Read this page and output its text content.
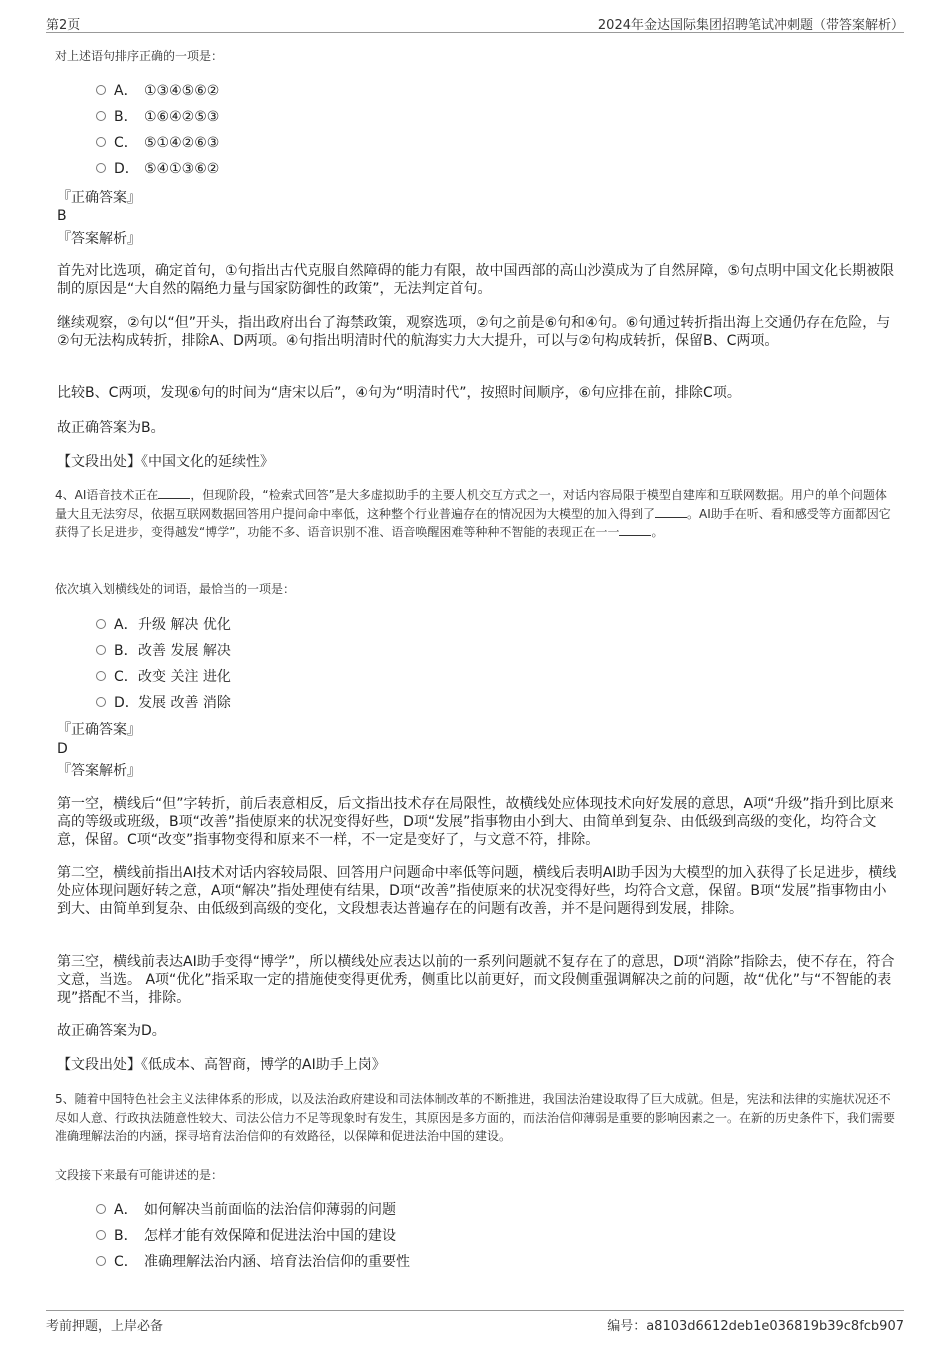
第2页	2024年金达国际集团招聘笔试冲刺题（带答案解析）
对上述语句排序正确的一项是：
A． ①③④⑤⑥②
B． ①⑥④②⑤③
C． ⑤①④②⑥③
D． ⑤④①③⑥②
『正确答案』
B
『答案解析』
首先对比选项，确定首句，①句指出古代克服自然障碍的能力有限，故中国西部的高山沙漠成为了自然屏障，⑤句点明中国文化长期被限制的原因是“大自然的隔绝力量与国家防御性的政策”，无法判定首句。
继续观察，②句以“但”开头，指出政府出台了海禁政策，观察选项，②句之前是⑥句和④句。⑥句通过转折指出海上交通仍存在危险，与②句无法构成转折，排除A、D两项。④句指出明清时代的航海实力大大提升，可以与②句构成转折，保留B、C两项。
比较B、C两项，发现⑥句的时间为“唐宋以后”，④句为“明清时代”，按照时间顺序，⑥句应排在前，排除C项。
故正确答案为B。
【文段出处】《中国文化的延续性》
4、AI语音技术正在	，但现阶段，“检索式回答”是大多虚拟助手的主要人机交互方式之一，对话内容局限于模型自建库和互联网数据。用户的单个问题体量大且无法穷尽，依据互联网数据回答用户提问命中率低，这种整个行业普遍存在的情况因为大模型的加入得到了	。AI助手在听、看和感受等方面都因它获得了长足进步，变得越发“博学”，功能不多、语音识别不准、语音唤醒困难等种种不智能的表现正在一一	。
依次填入划横线处的词语，最恰当的一项是：
A．升级 解决 优化
B．改善 发展 解决
C．改变 关注 进化
D．发展 改善 消除
『正确答案』
D
『答案解析』
第一空，横线后“但”字转折，前后表意相反，后文指出技术存在局限性，故横线处应体现技术向好发展的意思，A项“升级”指升到比原来高的等级或班级，B项“改善”指使原来的状况变得好些，D项“发展”指事物由小到大、由简单到复杂、由低级到高级的变化，均符合文意，保留。C项“改变”指事物变得和原来不一样，不一定是变好了，与文意不符，排除。
第二空，横线前指出AI技术对话内容较局限、回答用户问题命中率低等问题，横线后表明AI助手因为大模型的加入获得了长足进步，横线处应体现问题好转之意，A项“解决”指处理使有结果，D项“改善”指使原来的状况变得好些，均符合文意，保留。B项“发展”指事物由小到大、由简单到复杂、由低级到高级的变化，文段想表达普遍存在的问题有改善，并不是问题得到发展，排除。
第三空，横线前表达AI助手变得“博学”，所以横线处应表达以前的一系列问题就不复存在了的意思，D项“消除”指除去，使不存在，符合文意，当选。 A项“优化”指采取一定的措施使变得更优秀，侧重比以前更好，而文段侧重强调解决之前的问题，故“优化”与“不智能的表现”搭配不当，排除。
故正确答案为D。
【文段出处】《低成本、高智商，博学的AI助手上岗》
5、随着中国特色社会主义法律体系的形成，以及法治政府建设和司法体制改革的不断推进，我国法治建设取得了巨大成就。但是，宪法和法律的实施状况还不尽如人意、行政执法随意性较大、司法公信力不足等现象时有发生，其原因是多方面的，而法治信仰薄弱是重要的影响因素之一。在新的历史条件下，我们需要准确理解法治的内涵，探寻培育法治信仰的有效路径，以保障和促进法治中国的建设。
文段接下来最有可能讲述的是：
A． 如何解决当前面临的法治信仰薄弱的问题
B． 怎样才能有效保障和促进法治中国的建设
C． 准确理解法治内涵、培育法治信仰的重要性
考前押题，上岸必备	编号：a8103d6612deb1e036819b39c8fcb907
